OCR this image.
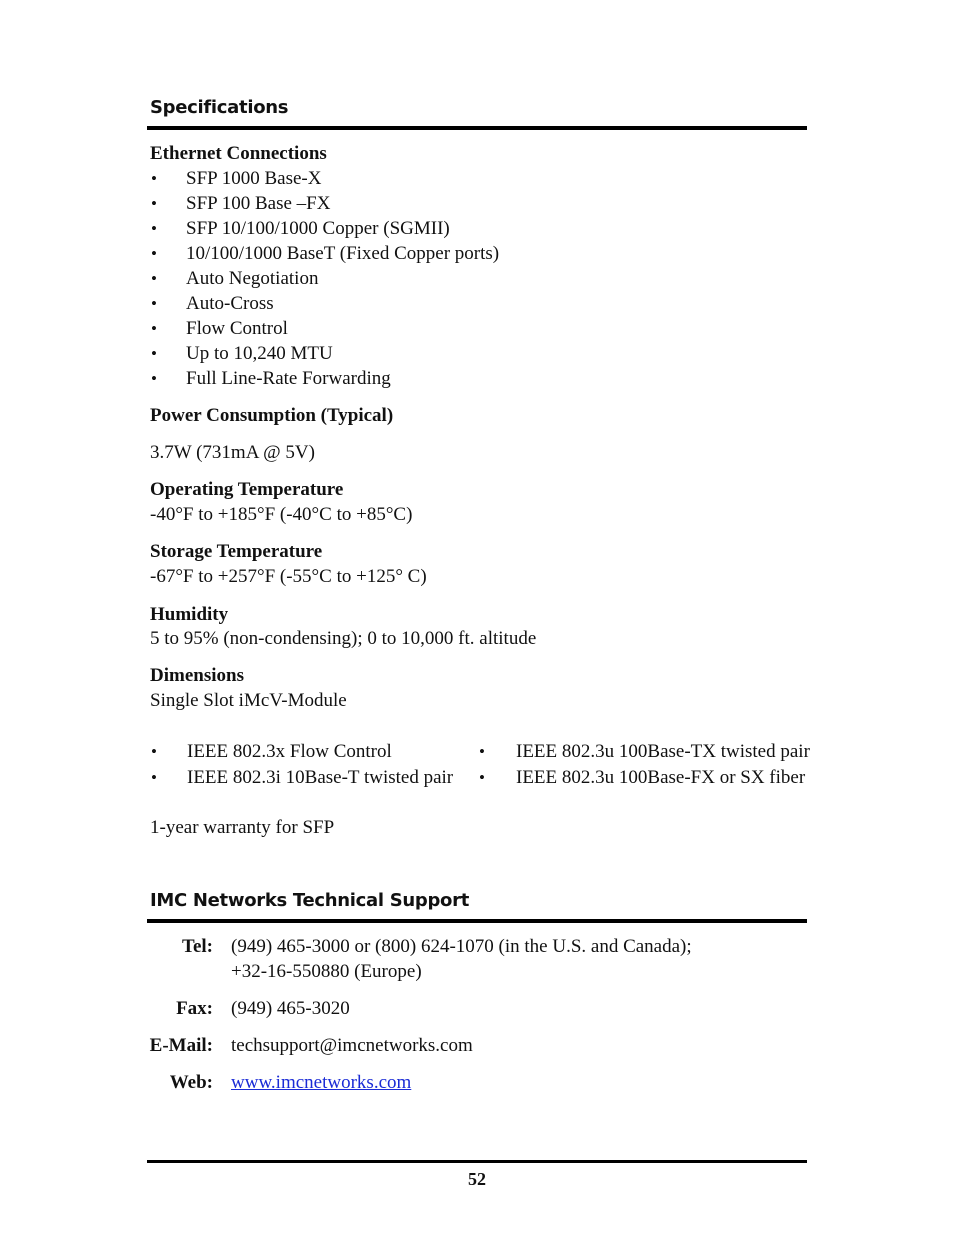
Specifications
Ethernet Connections
• SFP 1000 Base-X
• SFP 100 Base –FX
• SFP 10/100/1000 Copper (SGMII)
• 10/100/1000 BaseT (Fixed Copper ports)
• Auto Negotiation
• Auto-Cross
• Flow Control
• Up to 10,240 MTU
• Full Line-Rate Forwarding
Power Consumption (Typical)
3.7W (731mA @ 5V)
Operating Temperature
-40°F to +185°F (-40°C to +85°C)
Storage Temperature
-67°F to +257°F (-55°C to +125° C)
Humidity
5 to 95% (non-condensing); 0 to 10,000 ft. altitude
Dimensions
Single Slot iMcV-Module
• IEEE 802.3x Flow Control
• IEEE 802.3i 10Base-T twisted pair
• IEEE 802.3u 100Base-TX twisted pair
• IEEE 802.3u 100Base-FX or SX fiber
1-year warranty for SFP
IMC Networks Technical Support
Tel: (949) 465-3000 or (800) 624-1070 (in the U.S. and Canada);
+32-16-550880 (Europe)
Fax: (949) 465-3020
E-Mail: techsupport@imcnetworks.com
Web: www.imcnetworks.com
52
